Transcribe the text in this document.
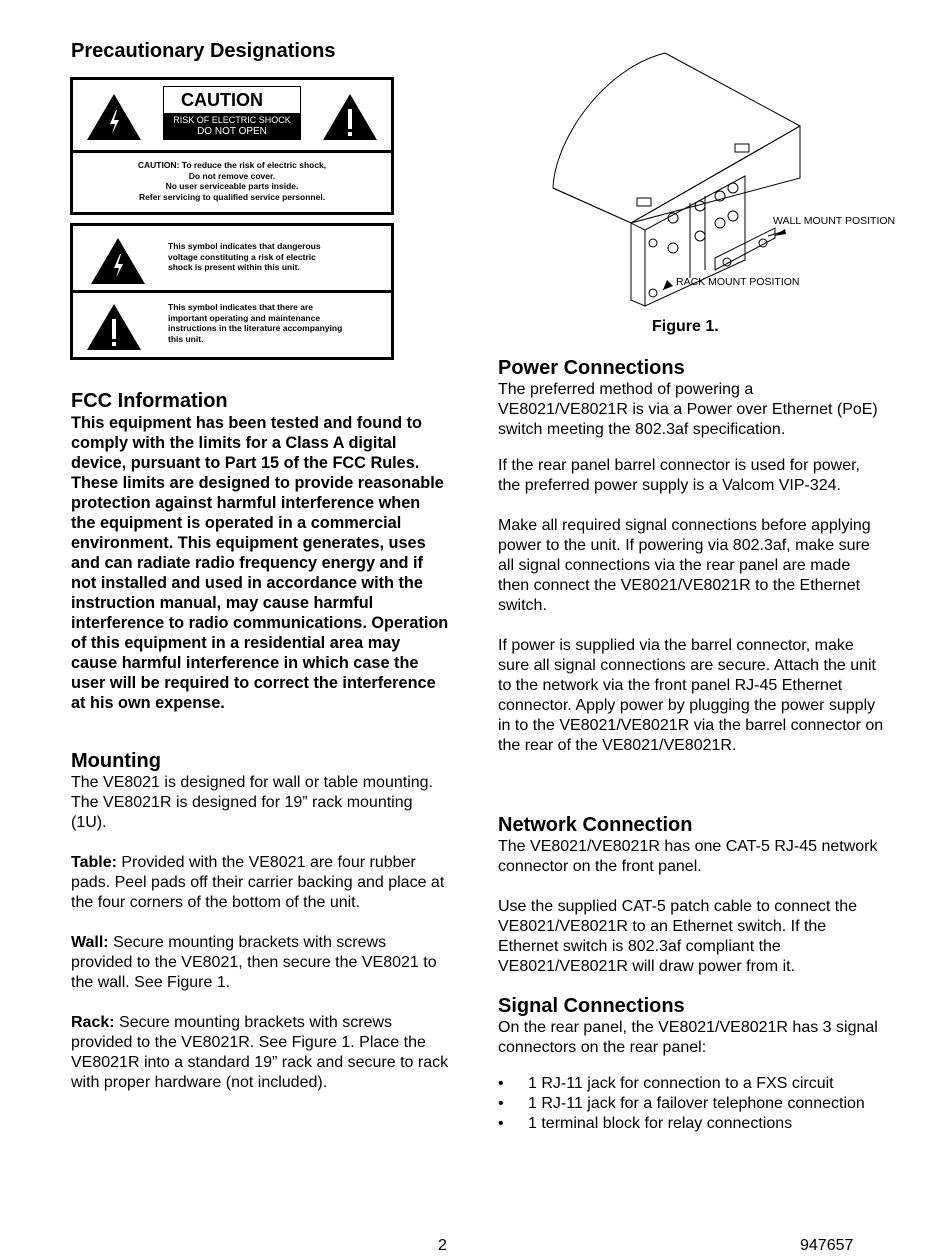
Precautionary Designations
CAUTION
RISK OF ELECTRIC SHOCK
DO NOT OPEN
CAUTION: To reduce the risk of electric shock,
Do not remove cover.
No user serviceable parts inside.
Refer servicing to qualified service personnel.
This symbol indicates that dangerous voltage constituting a risk of electric shock is present within this unit.
This symbol indicates that there are important operating and maintenance instructions in the literature accompanying this unit.
FCC Information

This equipment has been tested and found to comply with the limits for a Class A digital device, pursuant to Part 15 of the FCC Rules. These limits are designed to provide reasonable protection against harmful interference when the equipment is operated in a commercial environment. This equipment generates, uses and can radiate radio frequency energy and if not installed and used in accordance with the instruction manual, may cause harmful interference to radio communications. Operation of this equipment in a residential area may cause harmful interference in which case the user will be required to correct the interference at his own expense.

Mounting

The VE8021 is designed for wall or table mounting. The VE8021R is designed for 19” rack mounting (1U).

Table: Provided with the VE8021 are four rubber pads. Peel pads off their carrier backing and place at the four corners of the bottom of the unit.

Wall: Secure mounting brackets with screws provided to the VE8021, then secure the VE8021 to the wall. See Figure 1.

Rack: Secure mounting brackets with screws provided to the VE8021R. See Figure 1. Place the VE8021R into a standard 19” rack and secure to rack with proper hardware (not included).

WALL MOUNT POSITION
RACK MOUNT POSITION
Figure 1.
Power Connections

The preferred method of powering a VE8021/VE8021R is via a Power over Ethernet (PoE) switch meeting the 802.3af specification.

If the rear panel barrel connector is used for power, the preferred power supply is a Valcom VIP-324.

Make all required signal connections before applying power to the unit. If powering via 802.3af, make sure all signal connections via the rear panel are made then connect the VE8021/VE8021R to the Ethernet switch.

If power is supplied via the barrel connector, make sure all signal connections are secure. Attach the unit to the network via the front panel RJ-45 Ethernet connector. Apply power by plugging the power supply in to the VE8021/VE8021R via the barrel connector on the rear of the VE8021/VE8021R.

Network Connection

The VE8021/VE8021R has one CAT-5 RJ-45 network connector on the front panel.

Use the supplied CAT-5 patch cable to connect the VE8021/VE8021R to an Ethernet switch. If the Ethernet switch is 802.3af compliant the VE8021/VE8021R will draw power from it.

Signal Connections

On the rear panel, the VE8021/VE8021R has 3 signal connectors on the rear panel:

• 1 RJ-11 jack for connection to a FXS circuit
• 1 RJ-11 jack for a failover telephone connection
• 1 terminal block for relay connections
2	947657
